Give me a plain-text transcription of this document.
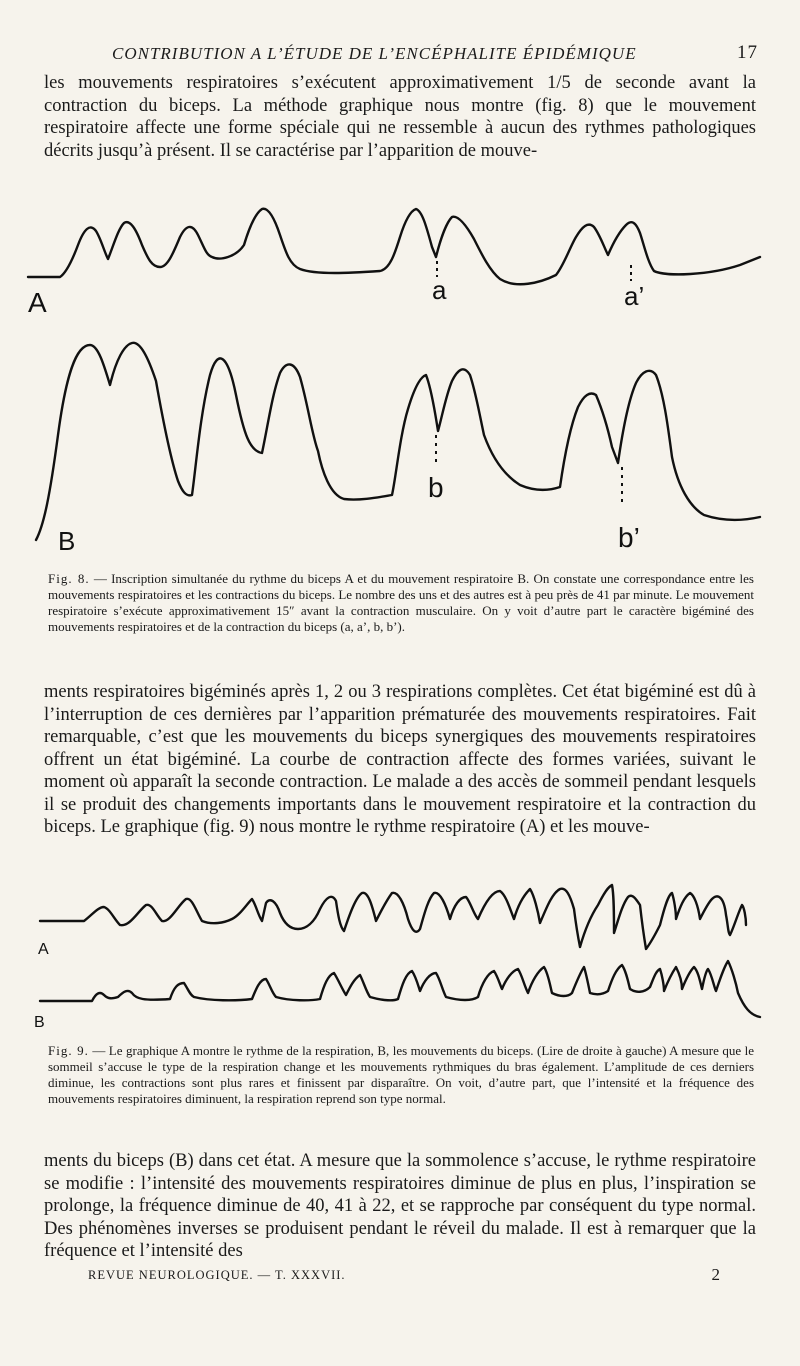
CONTRIBUTION A L’ÉTUDE DE L’ENCÉPHALITE ÉPIDÉMIQUE	17

les mouvements respiratoires s’exécutent approximativement 1/5 de seconde avant la contraction du biceps. La méthode graphique nous montre (fig. 8) que le mouvement respiratoire affecte une forme spéciale qui ne ressemble à aucun des rythmes pathologiques décrits jusqu’à présent. Il se caractérise par l’apparition de mouve-

A	a	a’
B
b
b’
Fig. 8. — Inscription simultanée du rythme du biceps A et du mouvement respiratoire B. On constate une correspondance entre les mouvements respiratoires et les contractions du biceps. Le nombre des uns et des autres est à peu près de 41 par minute. Le mouvement respiratoire s’exécute approximativement 15″ avant la contraction musculaire. On y voit d’autre part le caractère bigéminé des mouvements respiratoires et de la contraction du biceps (a, a’, b, b’).

ments respiratoires bigéminés après 1, 2 ou 3 respirations complètes. Cet état bigéminé est dû à l’interruption de ces dernières par l’apparition prématurée des mouvements respiratoires. Fait remarquable, c’est que les mouvements du biceps synergiques des mouvements respiratoires offrent un état bigéminé. La courbe de contraction affecte des formes variées, suivant le moment où apparaît la seconde contraction. Le malade a des accès de sommeil pendant lesquels il se produit des changements importants dans le mouvement respiratoire et la contraction du biceps. Le graphique (fig. 9) nous montre le rythme respiratoire (A) et les mouve-

A
B
Fig. 9. — Le graphique A montre le rythme de la respiration, B, les mouvements du biceps. (Lire de droite à gauche) A mesure que le sommeil s’accuse le type de la respiration change et les mouvements rythmiques du bras également. L’amplitude de ces derniers diminue, les contractions sont plus rares et finissent par disparaître. On voit, d’autre part, que l’intensité et la fréquence des mouvements respiratoires diminuent, la respiration reprend son type normal.

ments du biceps (B) dans cet état. A mesure que la sommolence s’accuse, le rythme respiratoire se modifie : l’intensité des mouvements respiratoires diminue de plus en plus, l’inspiration se prolonge, la fréquence diminue de 40, 41 à 22, et se rapproche par conséquent du type normal. Des phénomènes inverses se produisent pendant le réveil du malade. Il est à remarquer que la fréquence et l’intensité des

REVUE NEUROLOGIQUE. — T. XXXVII.	2
